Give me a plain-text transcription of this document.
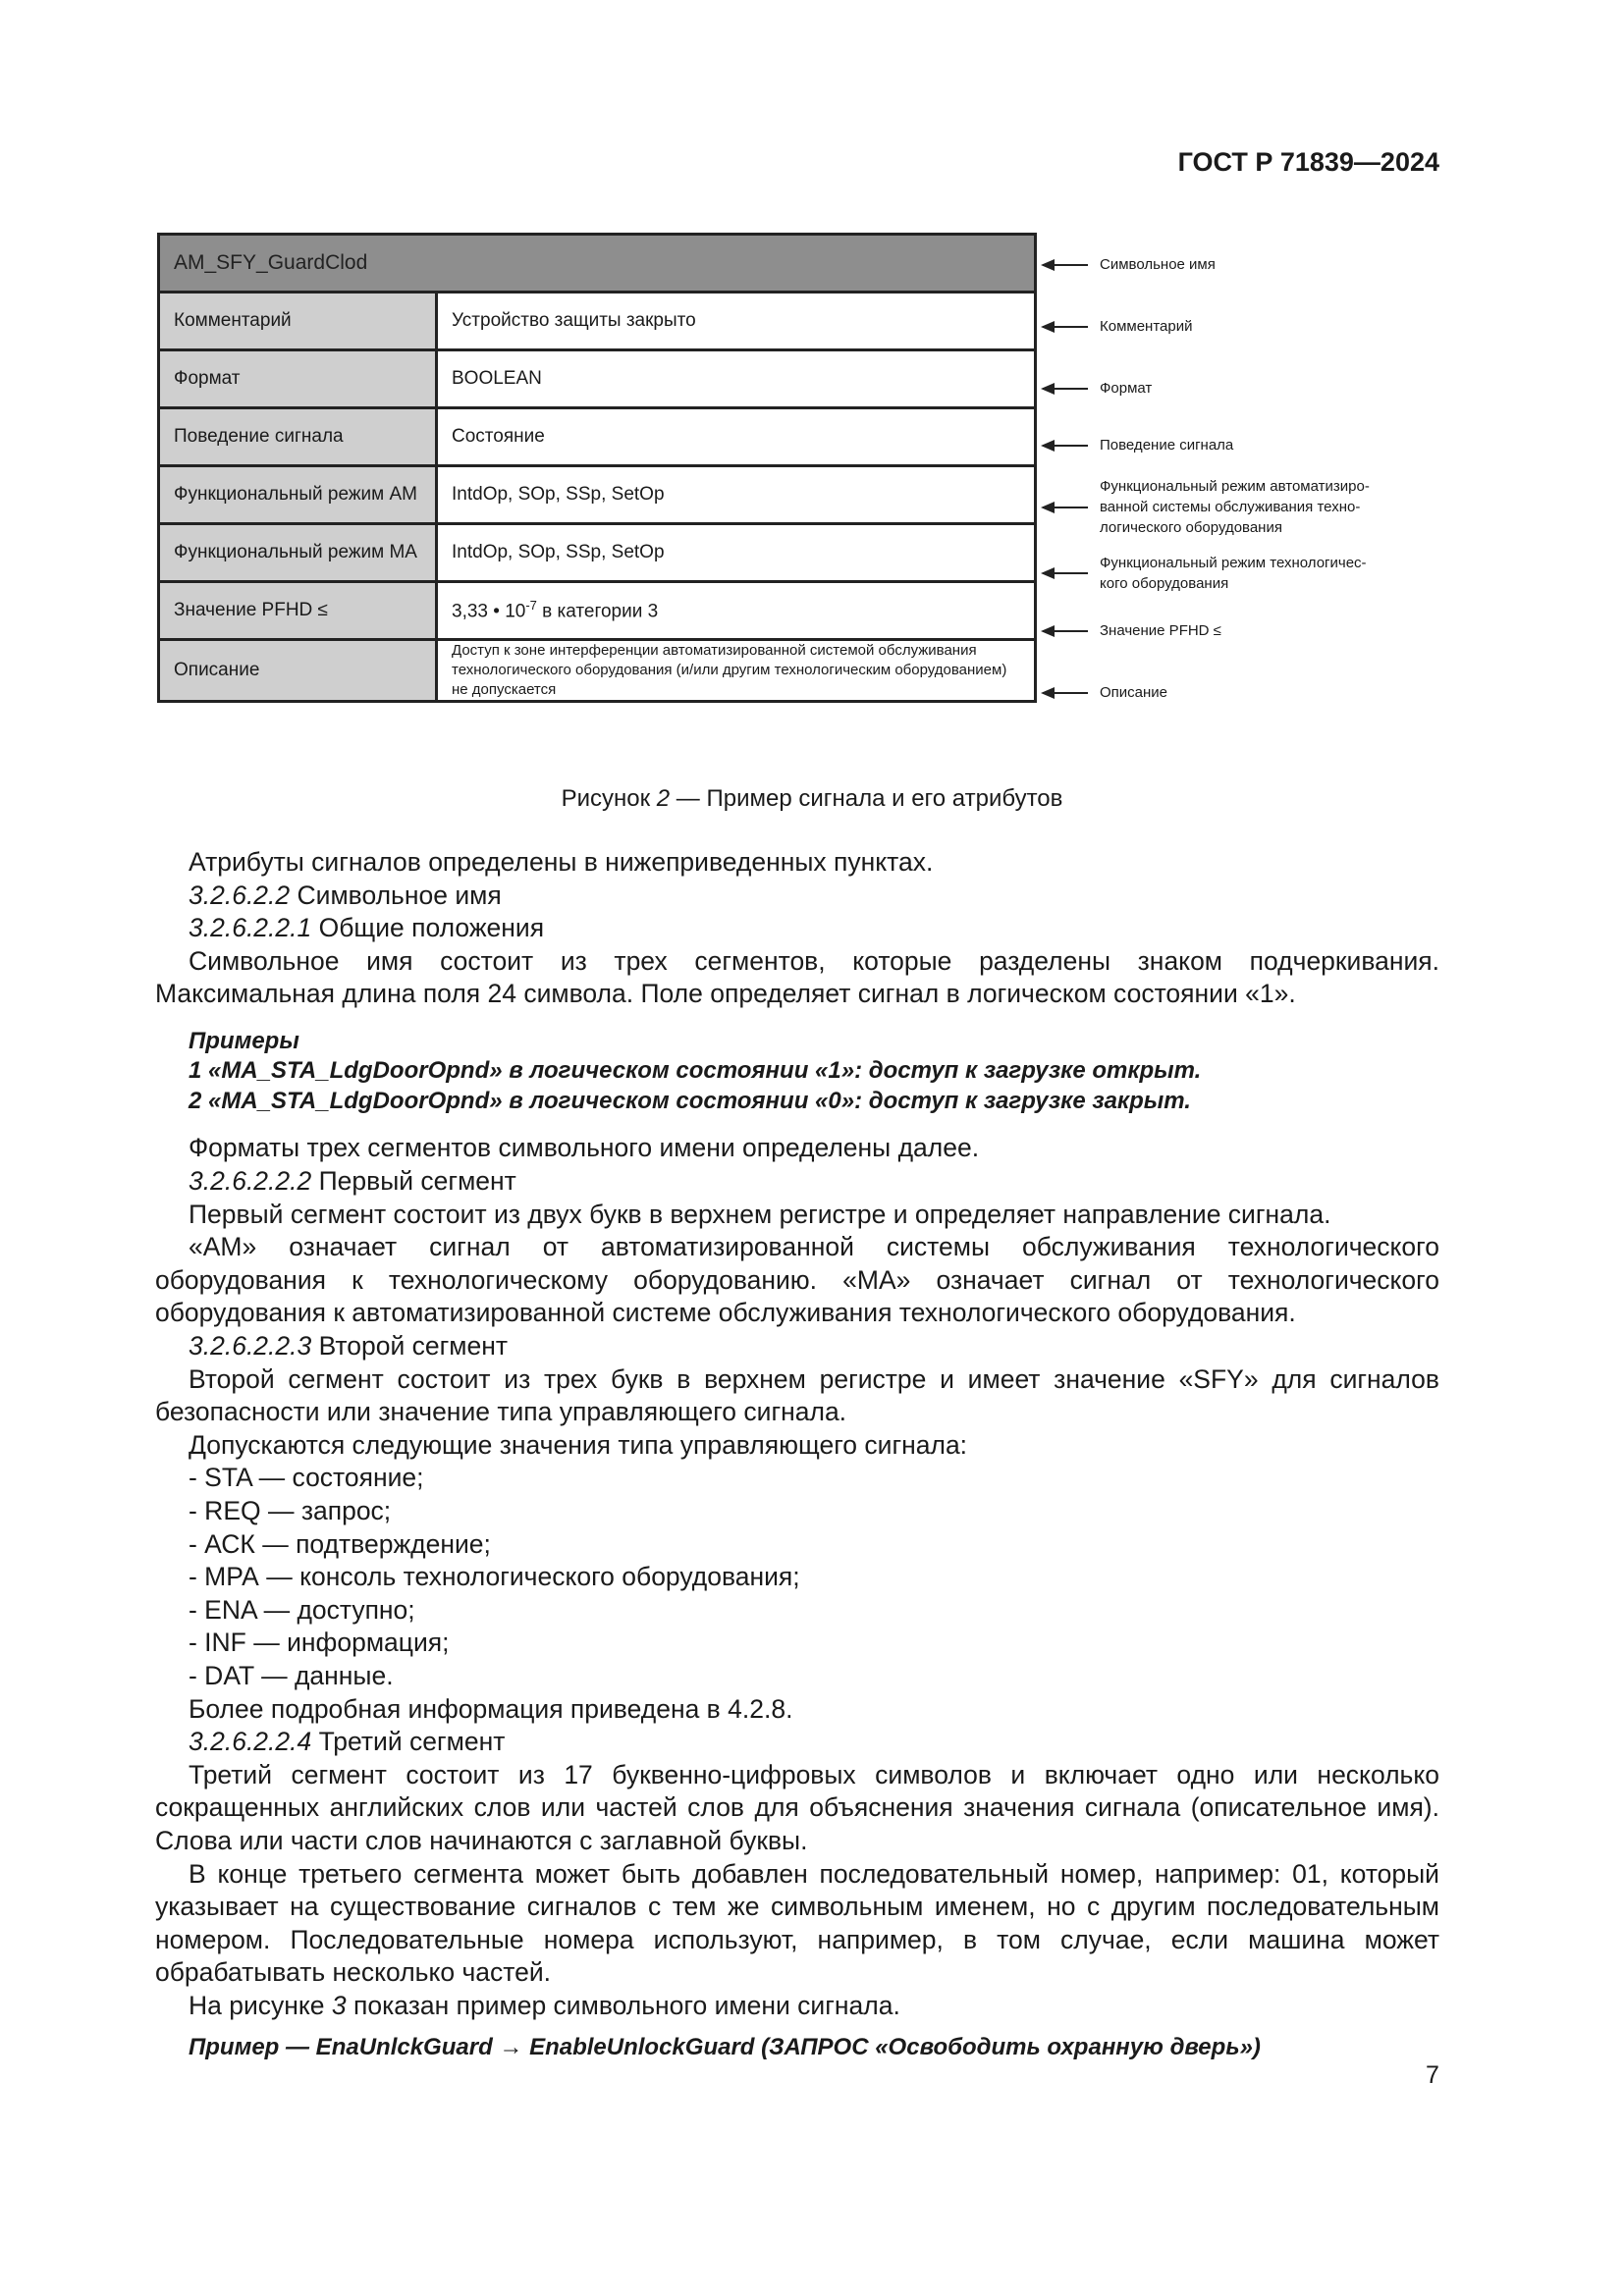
ГОСТ Р 71839—2024
AM_SFY_GuardClod	
Комментарий	Устройство защиты закрыто
Формат	BOOLEAN
Поведение сигнала	Состояние
Функциональный режим АМ	IntdOp, SOp, SSp, SetOp
Функциональный режим МА	IntdOp, SOp, SSp, SetOp
Значение PFHD ≤	3,33 • $10^{-7}$ в категории 3
Описание	Доступ к зоне интерференции автоматизированной системой обслуживания технологического оборудования (и/или другим технологическим оборудованием) не допускается
Символьное имя
Комментарий
Формат
Поведение сигнала
Функциональный режим автоматизиро-ванной системы обслуживания техно-логического оборудования
Функциональный режим технологичес-кого оборудования
Значение PFHD ≤
Описание
Рисунок 2 — Пример сигнала и его атрибутов

Атрибуты сигналов определены в нижеприведенных пунктах.

3.2.6.2.2 Символьное имя

3.2.6.2.2.1 Общие положения

Символьное имя состоит из трех сегментов, которые разделены знаком подчеркивания. Максимальная длина поля 24 символа. Поле определяет сигнал в логическом состоянии «1».

Примеры
1 «MA_STA_LdgDoorOpnd» в логическом состоянии «1»: доступ к загрузке открыт.
2 «MA_STA_LdgDoorOpnd» в логическом состоянии «0»: доступ к загрузке закрыт.

Форматы трех сегментов символьного имени определены далее.

3.2.6.2.2.2 Первый сегмент

Первый сегмент состоит из двух букв в верхнем регистре и определяет направление сигнала.

«АМ» означает сигнал от автоматизированной системы обслуживания технологического оборудования к технологическому оборудованию. «МА» означает сигнал от технологического оборудования к автоматизированной системе обслуживания технологического оборудования.

3.2.6.2.2.3 Второй сегмент

Второй сегмент состоит из трех букв в верхнем регистре и имеет значение «SFY» для сигналов безопасности или значение типа управляющего сигнала.

Допускаются следующие значения типа управляющего сигнала:

- STA — состояние;

- REQ — запрос;

- АСК — подтверждение;

- МРА — консоль технологического оборудования;

- ENA — доступно;

- INF — информация;

- DAT — данные.

Более подробная информация приведена в 4.2.8.

3.2.6.2.2.4 Третий сегмент

Третий сегмент состоит из 17 буквенно-цифровых символов и включает одно или несколько сокращенных английских слов или частей слов для объяснения значения сигнала (описательное имя). Слова или части слов начинаются с заглавной буквы.

В конце третьего сегмента может быть добавлен последовательный номер, например: 01, который указывает на существование сигналов с тем же символьным именем, но с другим последовательным номером. Последовательные номера используют, например, в том случае, если машина может обрабатывать несколько частей.

На рисунке 3 показан пример символьного имени сигнала.

Пример — EnaUnlckGuard → EnableUnlockGuard (ЗАПРОС «Освободить охранную дверь»)
7
